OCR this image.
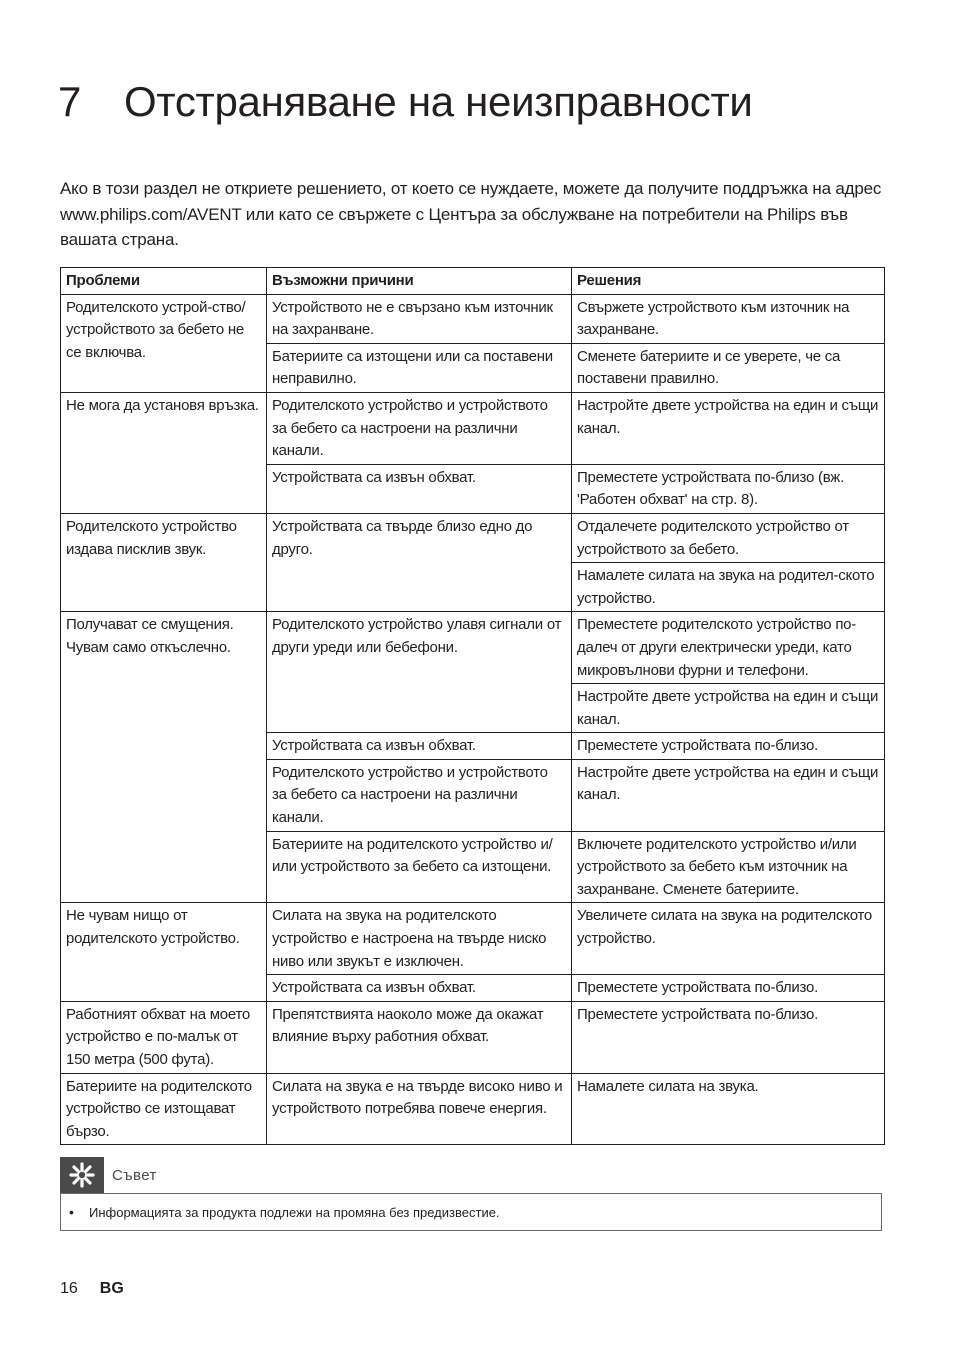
7 Отстраняване на неизправности

Ако в този раздел не откриете решението, от което се нуждаете, можете да получите поддръжка на адрес www.philips.com/AVENT или като се свържете с Центъра за обслужване на потребители на Philips във вашата страна.

Проблеми	Възможни причини	Решения
Родителското устрой-ство/устройството за бебето не се включва.	Устройството не е свързано към източник на захранване.	Свържете устройството към източник на захранване.
	Батериите са изтощени или са поставени неправилно.	Сменете батериите и се уверете, че са поставени правилно.
Не мога да установя връзка.	Родителското устройство и устройството за бебето са настроени на различни канали.	Настройте двете устройства на един и същи канал.
	Устройствата са извън обхват.	Преместете устройствата по-близо (вж. 'Работен обхват' на стр. 8).
Родителското устройство издава писклив звук.	Устройствата са твърде близо едно до друго.	Отдалечете родителското устройство от устройството за бебето.
		Намалете силата на звука на родител-ското устройство.
Получават се смущения. Чувам само откъслечно.	Родителското устройство улавя сигнали от други уреди или бебефони.	Преместете родителското устройство по-далеч от други електрически уреди, като микровълнови фурни и телефони.
		Настройте двете устройства на един и същи канал.
	Устройствата са извън обхват.	Преместете устройствата по-близо.
	Родителското устройство и устройството за бебето са настроени на различни канали.	Настройте двете устройства на един и същи канал.
	Батериите на родителското устройство и/или устройството за бебето са изтощени.	Включете родителското устройство и/или устройството за бебето към източник на захранване. Сменете батериите.
Не чувам нищо от родителското устройство.	Силата на звука на родителското устройство е настроена на твърде ниско ниво или звукът е изключен.	Увеличете силата на звука на родителското устройство.
	Устройствата са извън обхват.	Преместете устройствата по-близо.
Работният обхват на моето устройство е по-малък от 150 метра (500 фута).	Препятствията наоколо може да окажат влияние върху работния обхват.	Преместете устройствата по-близо.
Батериите на родителското устройство се изтощават бързо.	Силата на звука е на твърде високо ниво и устройството потребява повече енергия.	Намалете силата на звука.
Съвет
•	Информацията за продукта подлежи на промяна без предизвестие.
16 BG
